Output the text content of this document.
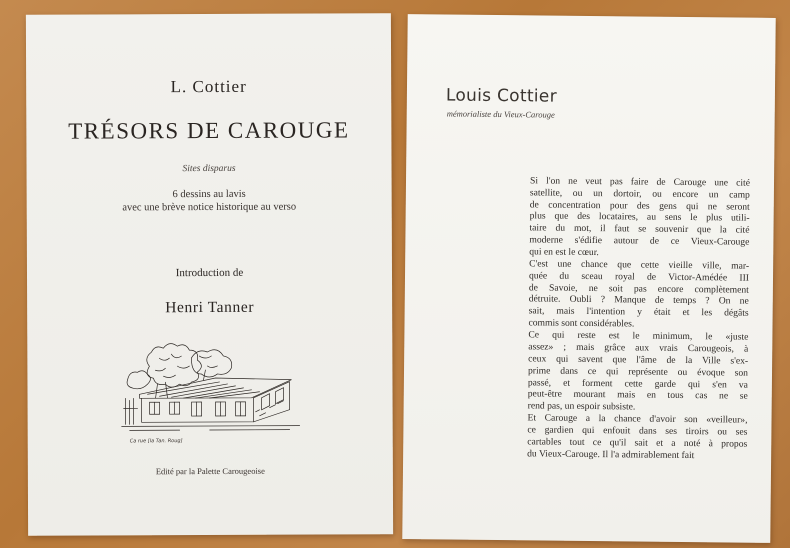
L. Cottier
TRÉSORS DE CAROUGE
Sites disparus
6 dessins au lavis
avec une brève notice historique au verso
Introduction de
Henri Tanner
Ca rue [la Tan. Roug]
Edité par la Palette Carougeoise
Louis Cottier
mémorialiste du Vieux-Carouge

Si l'on ne veut pas faire de Carouge une cité
satellite, ou un dortoir, ou encore un camp
de concentration pour des gens qui ne seront
plus que des locataires, au sens le plus utili-
taire du mot, il faut se souvenir que la cité
moderne s'édifie autour de ce Vieux-Carouge
qui en est le cœur.

C'est une chance que cette vieille ville, mar-
quée du sceau royal de Victor-Amédée III
de Savoie, ne soit pas encore complètement
détruite. Oubli ? Manque de temps ? On ne
sait, mais l'intention y était et les dégâts
commis sont considérables.

Ce qui reste est le minimum, le «juste
assez» ; mais grâce aux vrais Carougeois, à
ceux qui savent que l'âme de la Ville s'ex-
prime dans ce qui représente ou évoque son
passé, et forment cette garde qui s'en va
peut-être mourant mais en tous cas ne se
rend pas, un espoir subsiste.

Et Carouge a la chance d'avoir son «veilleur»,
ce gardien qui enfouit dans ses tiroirs ou ses
cartables tout ce qu'il sait et a noté à propos
du Vieux-Carouge. Il l'a admirablement fait
